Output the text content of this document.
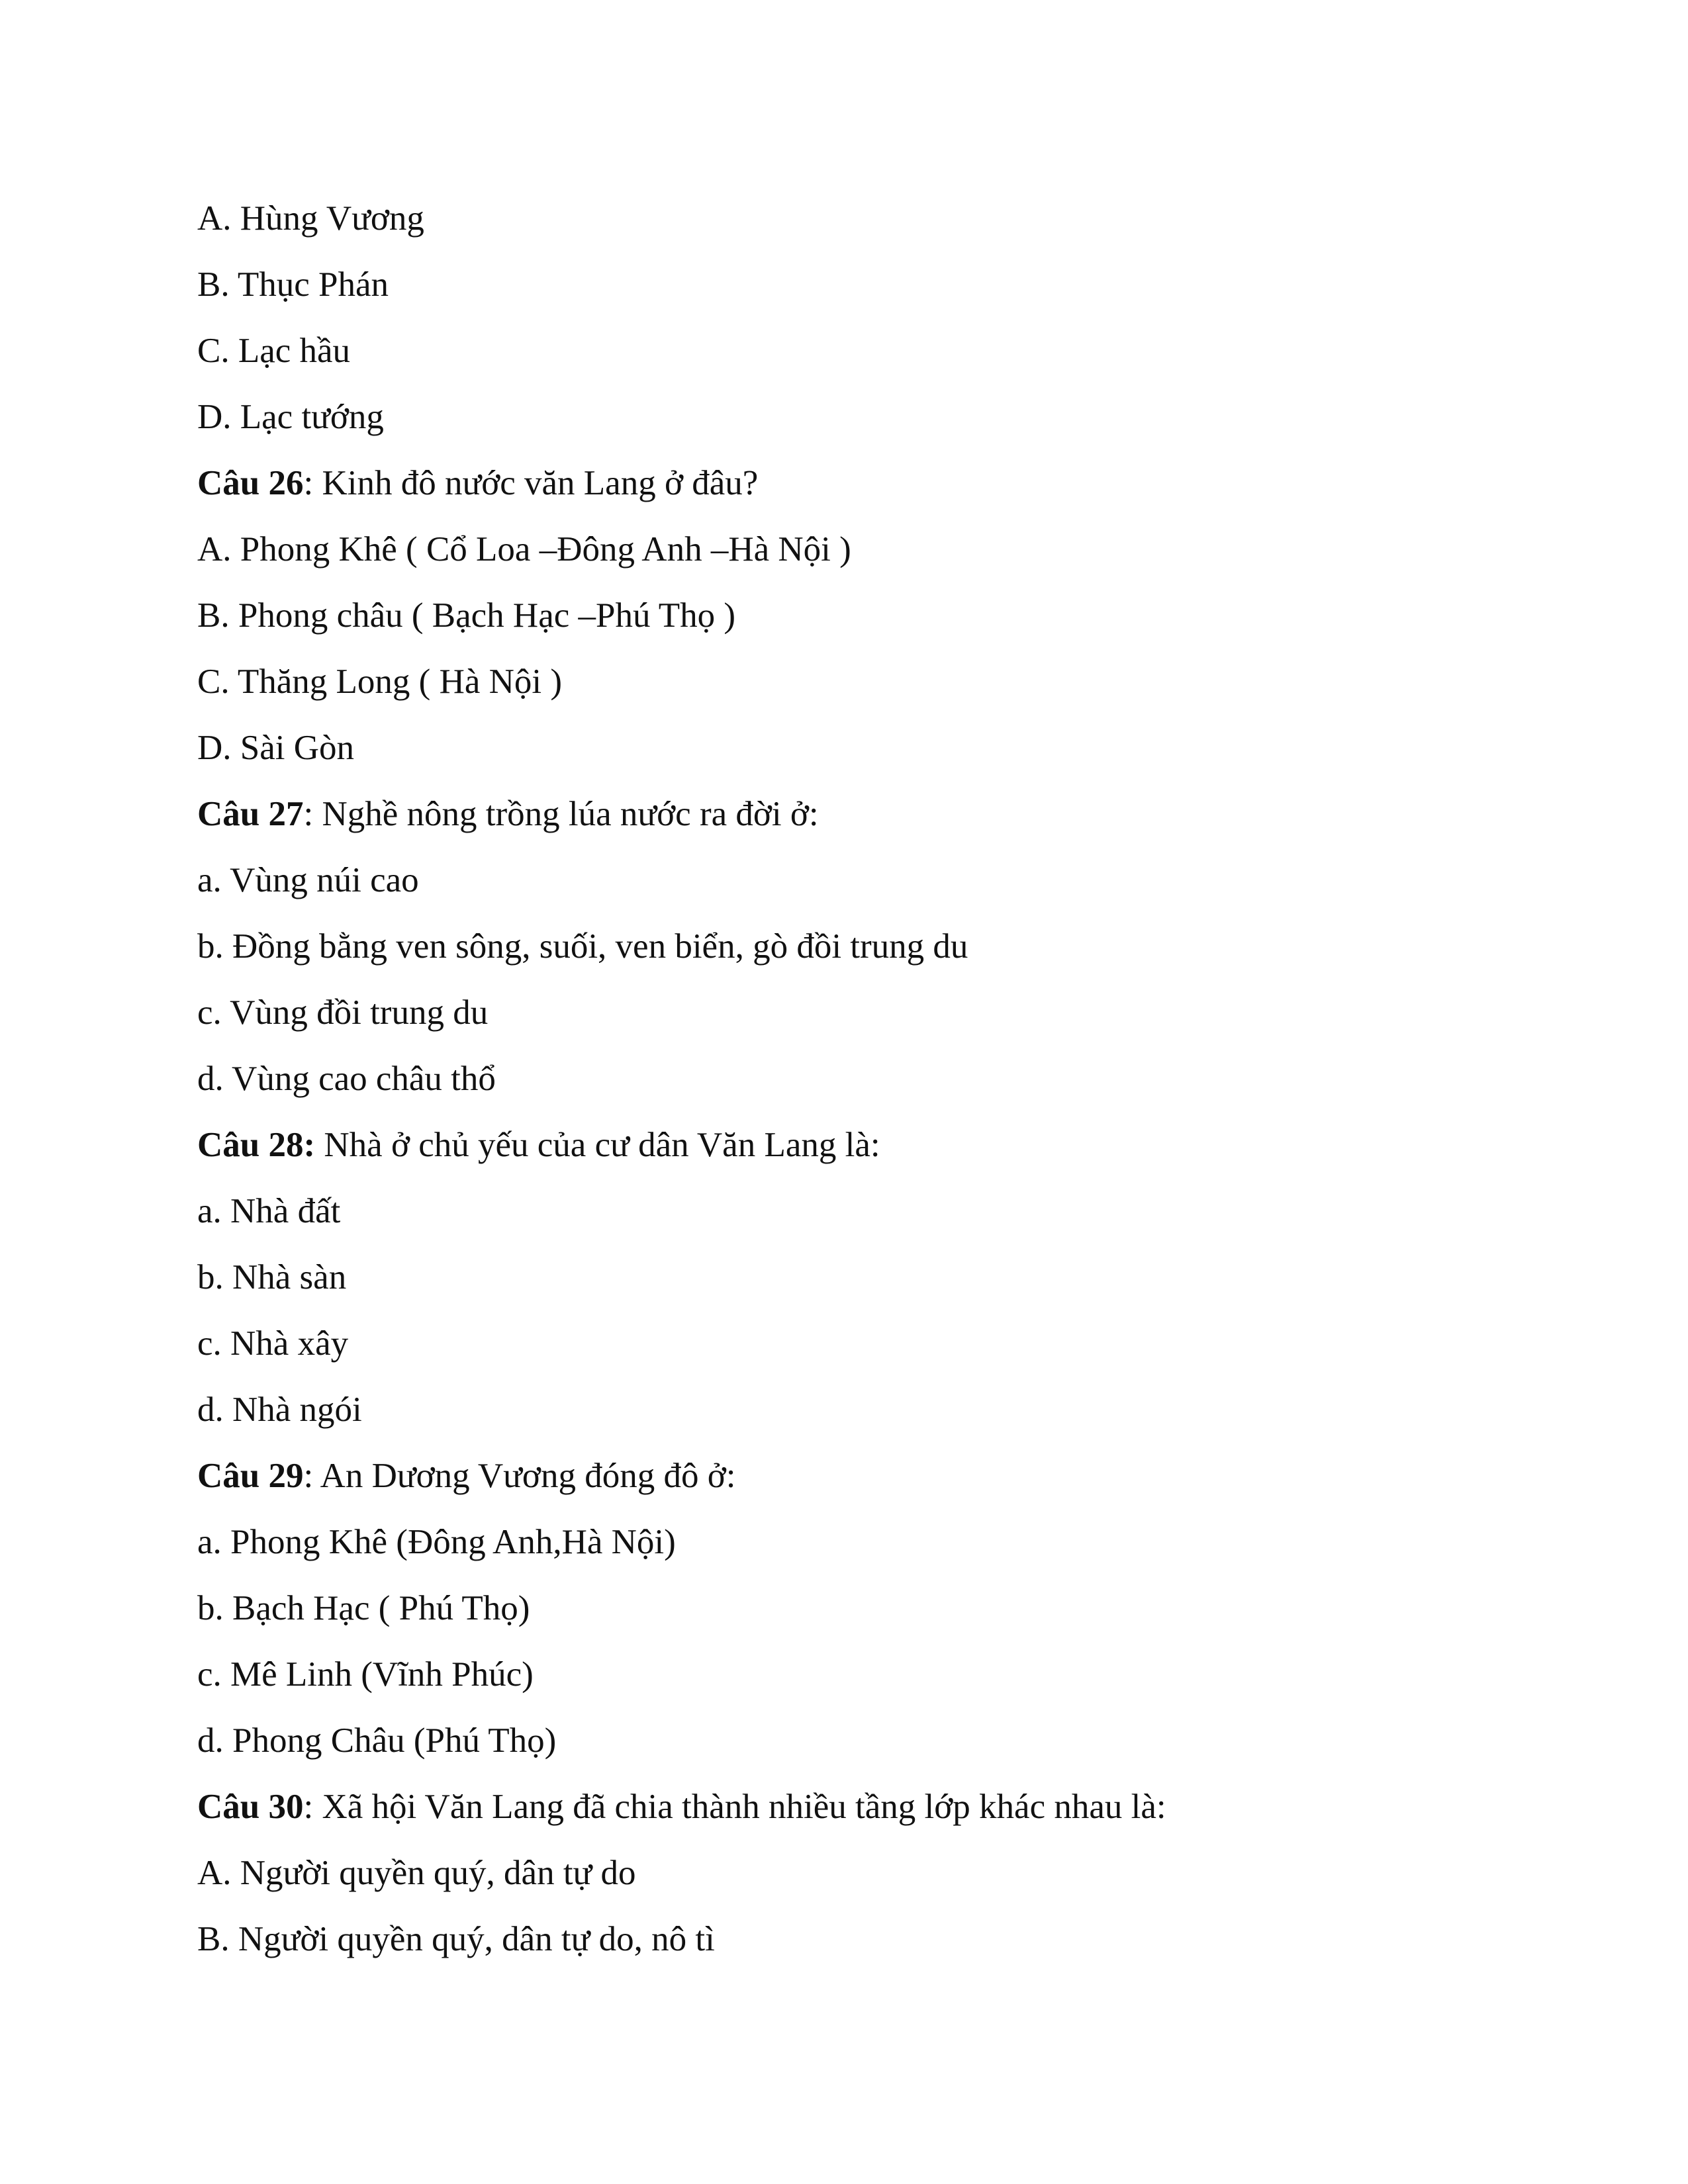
A. Hùng Vương
B. Thục Phán
C. Lạc hầu
D. Lạc tướng
Câu 26: Kinh đô nước văn Lang ở đâu?
A. Phong Khê ( Cổ Loa –Đông Anh –Hà Nội )
B. Phong châu ( Bạch Hạc –Phú Thọ )
C. Thăng Long ( Hà Nội )
D. Sài Gòn
Câu 27: Nghề nông trồng lúa nước ra đời ở:
a. Vùng núi cao
b. Đồng bằng ven sông, suối, ven biển, gò đồi trung du
c. Vùng đồi trung du
d. Vùng cao châu thổ
Câu 28: Nhà ở chủ yếu của cư dân Văn Lang là:
a. Nhà đất
b. Nhà sàn
c. Nhà xây
d. Nhà ngói
Câu 29: An Dương Vương đóng đô ở:
a. Phong Khê (Đông Anh,Hà Nội)
b. Bạch Hạc ( Phú Thọ)
c. Mê Linh (Vĩnh Phúc)
d. Phong Châu (Phú Thọ)
Câu 30: Xã hội Văn Lang đã chia thành nhiều tầng lớp khác nhau là:
A. Người quyền quý, dân tự do
B. Người quyền quý, dân tự do, nô tì
